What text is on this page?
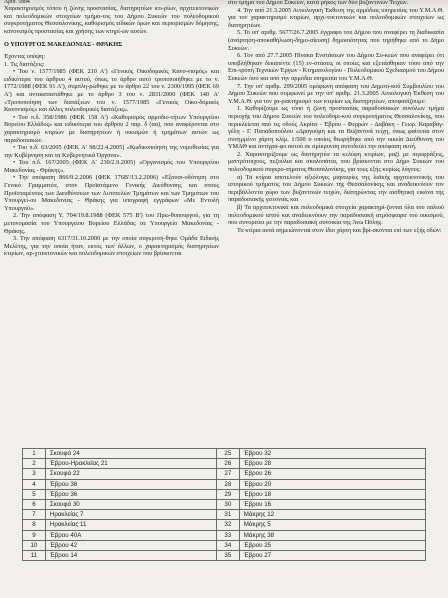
Αριθ. 5884

Χαρακτηρισμός τόπου ή ζώνης προστασίας, διατηρητέων κτι-ρίων, αρχιτεκτονικών και πολεοδομικών στοιχείων τμήμα-τος του Δήμου Συκεών του πολεοδομικού συγκροτήματος Θεσσαλονίκης, καθορισμός ειδικών όρων και περιορισμών δόμησης, κανονισμός προστασίας και χρήσης των κτηρί-ων αυτών.

Ο ΥΠΟΥΡΓΟΣ ΜΑΚΕΔΟΝΙΑΣ - ΘΡΑΚΗΣ

Έχοντας υπόψη:

1. Τις διατάξεις:

• Του ν. 1577/1985 (ΦΕΚ 210 Α') «Γενικός Οικοδομικός Κανο-νισμός» και ειδικότερα του άρθρου 4 αυτού, όπως το άρθρο αυτό τροποποιήθηκε με το ν. 1772/1988 (ΦΕΚ 91 Α'), συμπλη-ρώθηκε με το άρθρο 22 του ν. 2300/1995 (ΦΕΚ 69 Α') και αντικαταστάθηκε με το άρθρο 3 του ν. 2831/2000 (ΦΕΚ 140 Α' «Τροποποίηση των διατάξεων του ν. 1577/1985 «Γενικός Οικο-δομικός Κανονισμός» και άλλες πολεοδομικές διατάξεις».

• Του π.δ. 358/1986 (ΦΕΚ 158 Α') «Καθορισμός αρμοδιο-τήτων Υπουργείου Βορείου Ελλάδος» και ειδικότερα του άρθρου 2 παρ. δ (αα), που αναφέρονται στο χαρακτηρισμό κτιρίων με διατηρητέων ή οικισμών ή τμημάτων αυτών ως παραδοσιακών.

• Του π.δ. 63/2005 (ΦΕΚ Α' 98/22.4.2005) «Κωδικοποίηση της νομοθεσίας για την Κυβέρνηση και τα Κυβερνητικά Όργανα».

• Του π.δ. 167/2005 (ΦΕΚ Α' 230/2.9.2005) «Οργανισμός του Υπουργείου Μακεδονίας - Θράκης».

• Την απόφαση 866/9.2.2006 (ΦΕΚ 176Β'/13.2.2006) «Εξουσι-οδότηση στο Γενικό Γραμματέα, στον Προϊστάμενο Γενικής Διεύθυνσης και στους Προϊσταμένους των Διευθύνσεων των Αυτοτελών Τμημάτων και των Τμημάτων του Υπουργεί-ου Μακεδονίας - Θράκης για υπογραφή εγγράφων «Με Εντολή Υπουργού».

2. Την απόφαση Υ. 704/19.8.1988 (ΦΕΚ 575 Β') του Πρω-θυπουργού, για τη μετονομασία του Υπουργείου Βορείου Ελλάδας σε Υπουργείο Μακεδονίας - Θράκης.

3. Την απόφαση 6317/31.10.2000 με την οποία συγκροτή-θηκε Ομάδα Ειδικής Μελέτης, για την οποία ήταν, εκτός των άλλων, ο χαρακτηρισμός διατηρητέων κτιρίων, αρ-χιτεκτονικών και πολεοδομικών στοιχείων που βρίσκονται

στο τμήμα του Δήμου Συκεών, κατά μήκος των δύο βυζαντινών Τειχών.

4. Την από 21.3.2005 Αιτιολογική Έκθεση της αρμόδιας υπηρεσίας του Υ.Μ.Α.Θ. για τον χαρακτηρισμό κτιρίων, αρχι-τεκτονικών και πολεοδομικών στοιχείων ως διατηρητέων.

5. Το υπ' αριθμ. 5677/26.7.2005 έγγραφο του Δήμου που αναφέρει τη διαδικασία (ανάρτηση-αποκαθήλωση-δημο-σίευση) δημοσιότητας που τηρήθηκε από το Δήμο Συκεών.

6. Τον από 27.7.2005 Πίνακα Ενστάσεων του Δήμου Συ-κεών που αναφέρει ότι υποβλήθηκαν δεκαπέντε (15) εν-στάσεις οι οποίες και εξετάσθηκαν τόσο από την Επι-τροπή Τεχνικών Έργων - Κτηματολογίου - Πολεοδομικού Σχεδιασμού του Δήμου Συκεών όσο και από την αρμόδια υπηρεσία του Υ.Μ.Α.Θ.

7. Την υπ' αριθμ. 299/2005 ομόφωνη απόφαση του Δημοτι-κού Συμβουλίου του Δήμου Συκεών που συμφωνεί με την υπ' αριθμ. 21.3.2005 Αιτιολογική Έκθεση του Υ.Μ.Α.Θ. για τον χα-ρακτηρισμό των κτιρίων ως διατηρητέων, αποφασίζουμε:

1. Καθορίζουμε ως τόπο ή ζώνη προστασίας παραδοσιακών συνόλων τμήμα περιοχής του Δήμου Συκεών του πολεοδομι-κού συγκροτήματος Θεσσαλονίκης, που περικλείεται από τις οδούς Ακρίτα - Έβρου - Φερρών - Δαβάκη - Γεωρ. Καραβαγ-γέλη - Γ. Παπαδοπούλου «Δραγούμη και τα Βυζαντινά τείχη, όπως φαίνεται στον συνημμένο χάρτη κλίμ. 1:500 ο οποίος θεωρήθηκε από την οικεία Διεύθυνση του ΥΜΑΘ και αντίγρα-φο αυτού σε σμίκρυνση συνοδεύει την απόφαση αυτή.

2. Χαρακτηρίζουμε ως διατηρητέα τα κελύφη κτιρίων, μαζί με περιφράξεις, μαντρότοιχους, πεζούλια και σκαλοπάτια, που βρίσκονται στο Δήμο Συκεών του πολεοδομικού συγκρο-τήματος Θεσσαλονίκης, για τους εξής κυρίως λόγους:

α) Τα κτίρια αποτελούν αξιόλογες μαρτυρίες της λαϊκής αρχιτεκτονικής του ιστορικού τμήματος του Δήμου Συκεών της Θεσσαλονίκης και αναδεικνύουν τον περιβάλλοντα χώρο των βυζαντινών τειχών, διατηρώντας την αισθητική εικόνα της παραδοσιακής γειτονιάς και

β) Τα αρχιτεκτονικά και πολεοδομικά στοιχεία χαρακτηρί-ζονται όλα του παλιού πολεοδομικού ιστού και αναδεικνύουν την παραδοσιακή ατμόσφαιρα του οικισμού, που συνορεύει με την παραδοσιακή συνοικία της Άνω Πόλης.

Τα κτίρια αυτά σημειώνονται στον ίδιο χάρτη και βρί-σκονται επί των εξής οδών:

1	Σκουφά 24	25	Έβρου 32
2	Έβρου-Ηρακλείας 21	26	Έβρου 28
3	Σκουφά 22	27	Έβρου 26
4	Έβρου 38	28	Έβρου 20
5	Έβρου 36	29	Έβρου 18
6	Σκουφά 30	30	Έβρου 16
7	Ηρακλείας 7	31	Μάκρης 12
8	Ηρακλείας 11	32	Μάκρης 5
9	Έβρου 40Α	33	Μάκρης 38
10	Έβρου 42	34	Έβρου 25
11	Έβρου 14	35	Έβρου 27
